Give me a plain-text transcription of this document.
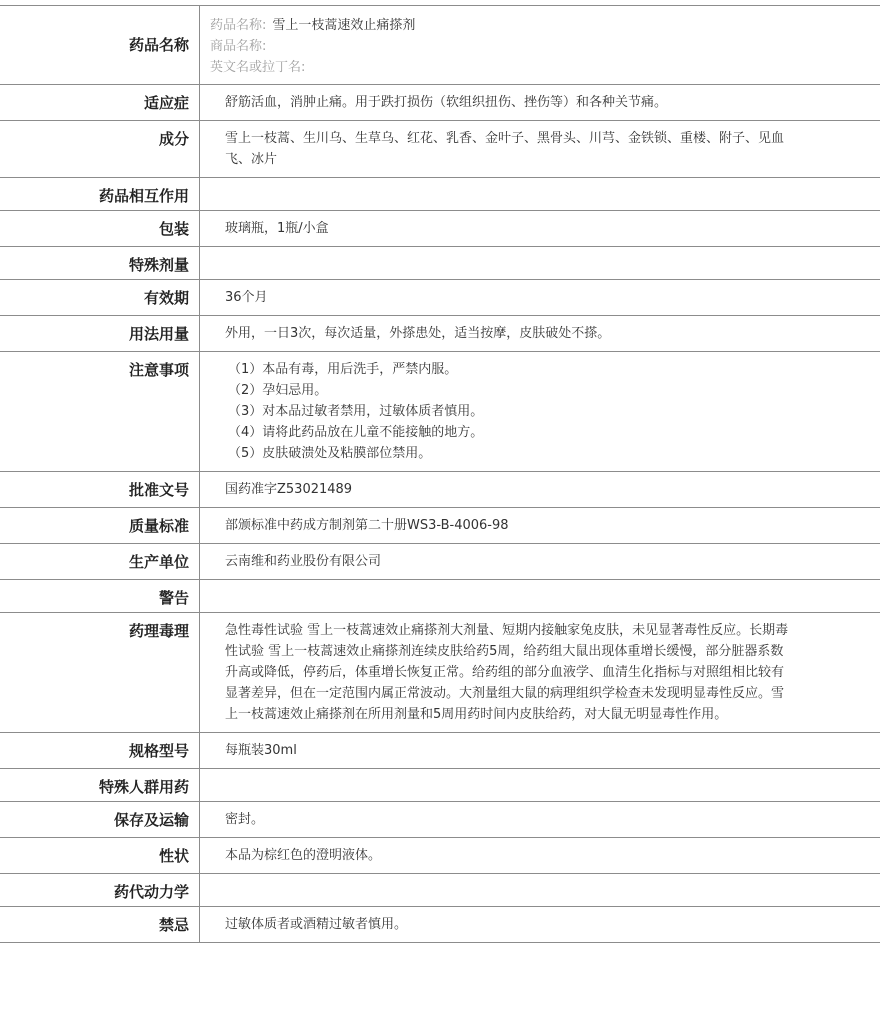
药品名称
药品名称: 雪上一枝蒿速效止痛搽剂
商品名称:
英文名或拉丁名:
适应症	舒筋活血，消肿止痛。用于跌打损伤（软组织扭伤、挫伤等）和各种关节痛。
成分	雪上一枝蒿、生川乌、生草乌、红花、乳香、金叶子、黑骨头、川芎、金铁锁、重楼、附子、见血飞、冰片
药品相互作用
包装	玻璃瓶，1瓶/小盒
特殊剂量
有效期	36个月
用法用量	外用，一日3次，每次适量，外搽患处，适当按摩，皮肤破处不搽。
注意事项	（1）本品有毒，用后洗手，严禁内服。
（2）孕妇忌用。
（3）对本品过敏者禁用，过敏体质者慎用。
（4）请将此药品放在儿童不能接触的地方。
（5）皮肤破溃处及粘膜部位禁用。
批准文号	国药准字Z53021489
质量标准	部颁标准中药成方制剂第二十册WS3-B-4006-98
生产单位	云南维和药业股份有限公司
警告
药理毒理	急性毒性试验 雪上一枝蒿速效止痛搽剂大剂量、短期内接触家兔皮肤，未见显著毒性反应。长期毒性试验 雪上一枝蒿速效止痛搽剂连续皮肤给药5周，给药组大鼠出现体重增长缓慢，部分脏器系数升高或降低，停药后，体重增长恢复正常。给药组的部分血液学、血清生化指标与对照组相比较有显著差异，但在一定范围内属正常波动。大剂量组大鼠的病理组织学检查未发现明显毒性反应。雪上一枝蒿速效止痛搽剂在所用剂量和5周用药时间内皮肤给药，对大鼠无明显毒性作用。
规格型号	每瓶装30ml
特殊人群用药
保存及运输	密封。
性状	本品为棕红色的澄明液体。
药代动力学
禁忌	过敏体质者或酒精过敏者慎用。
